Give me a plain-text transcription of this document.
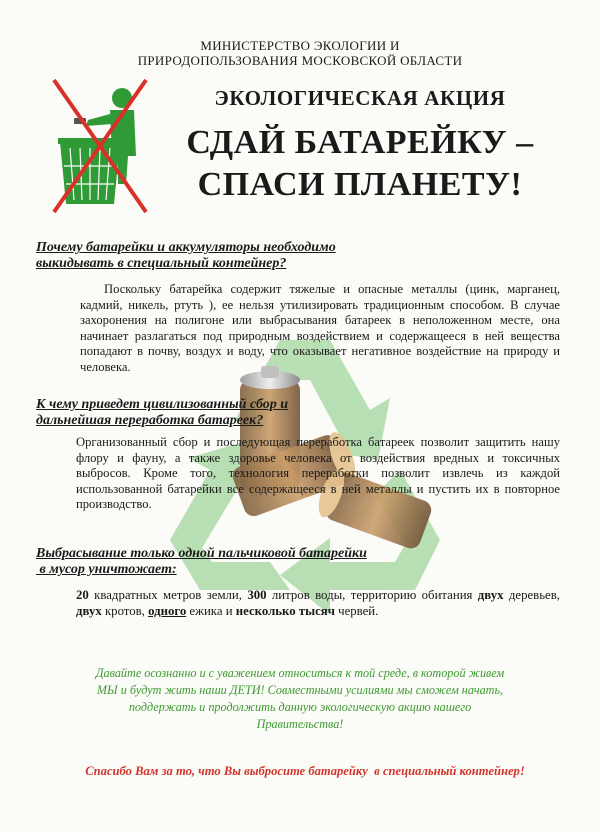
МИНИСТЕРСТВО ЭКОЛОГИИ И
ПРИРОДОПОЛЬЗОВАНИЯ МОСКОВСКОЙ ОБЛАСТИ
ЭКОЛОГИЧЕСКАЯ АКЦИЯ
СДАЙ БАТАРЕЙКУ –
СПАСИ ПЛАНЕТУ!
Почему батарейки и аккумуляторы необходимо
выкидывать в специальный контейнер?
Поскольку батарейка содержит тяжелые и опасные металлы (цинк, марганец, кадмий, никель, ртуть ), ее нельзя утилизировать традиционным способом. В случае захоронения на полигоне или выбрасывания батареек в неположенном месте, она начинает разлагаться под природным воздействием и содержащееся в ней вещества попадают в почву, воздух и воду, что оказывает негативное воздействие на природу и человека.
К чему приведет цивилизованный сбор и
дальнейшая переработка батареек?
Организованный сбор и последующая переработка батареек позволит защитить нашу флору и фауну, а также здоровье человека от воздействия вредных и токсичных выбросов. Кроме того, технология переработки позволит извлечь из каждой использованной батарейки все содержащееся в ней металлы и пустить их в повторное производство.
Выбрасывание только одной пальчиковой батарейки
в мусор уничтожает:
20 квадратных метров земли, 300 литров воды, территорию обитания двух деревьев, двух кротов, одного ежика и несколько тысяч червей.
Давайте осознанно и с уважением относиться к той среде, в которой живем
МЫ и будут жить наши ДЕТИ! Совместными усилиями мы сможем начать,
поддержать и продолжить данную экологическую акцию нашего
Правительства!
Спасибо Вам за то, что Вы выбросите батарейку  в специальный контейнер!
